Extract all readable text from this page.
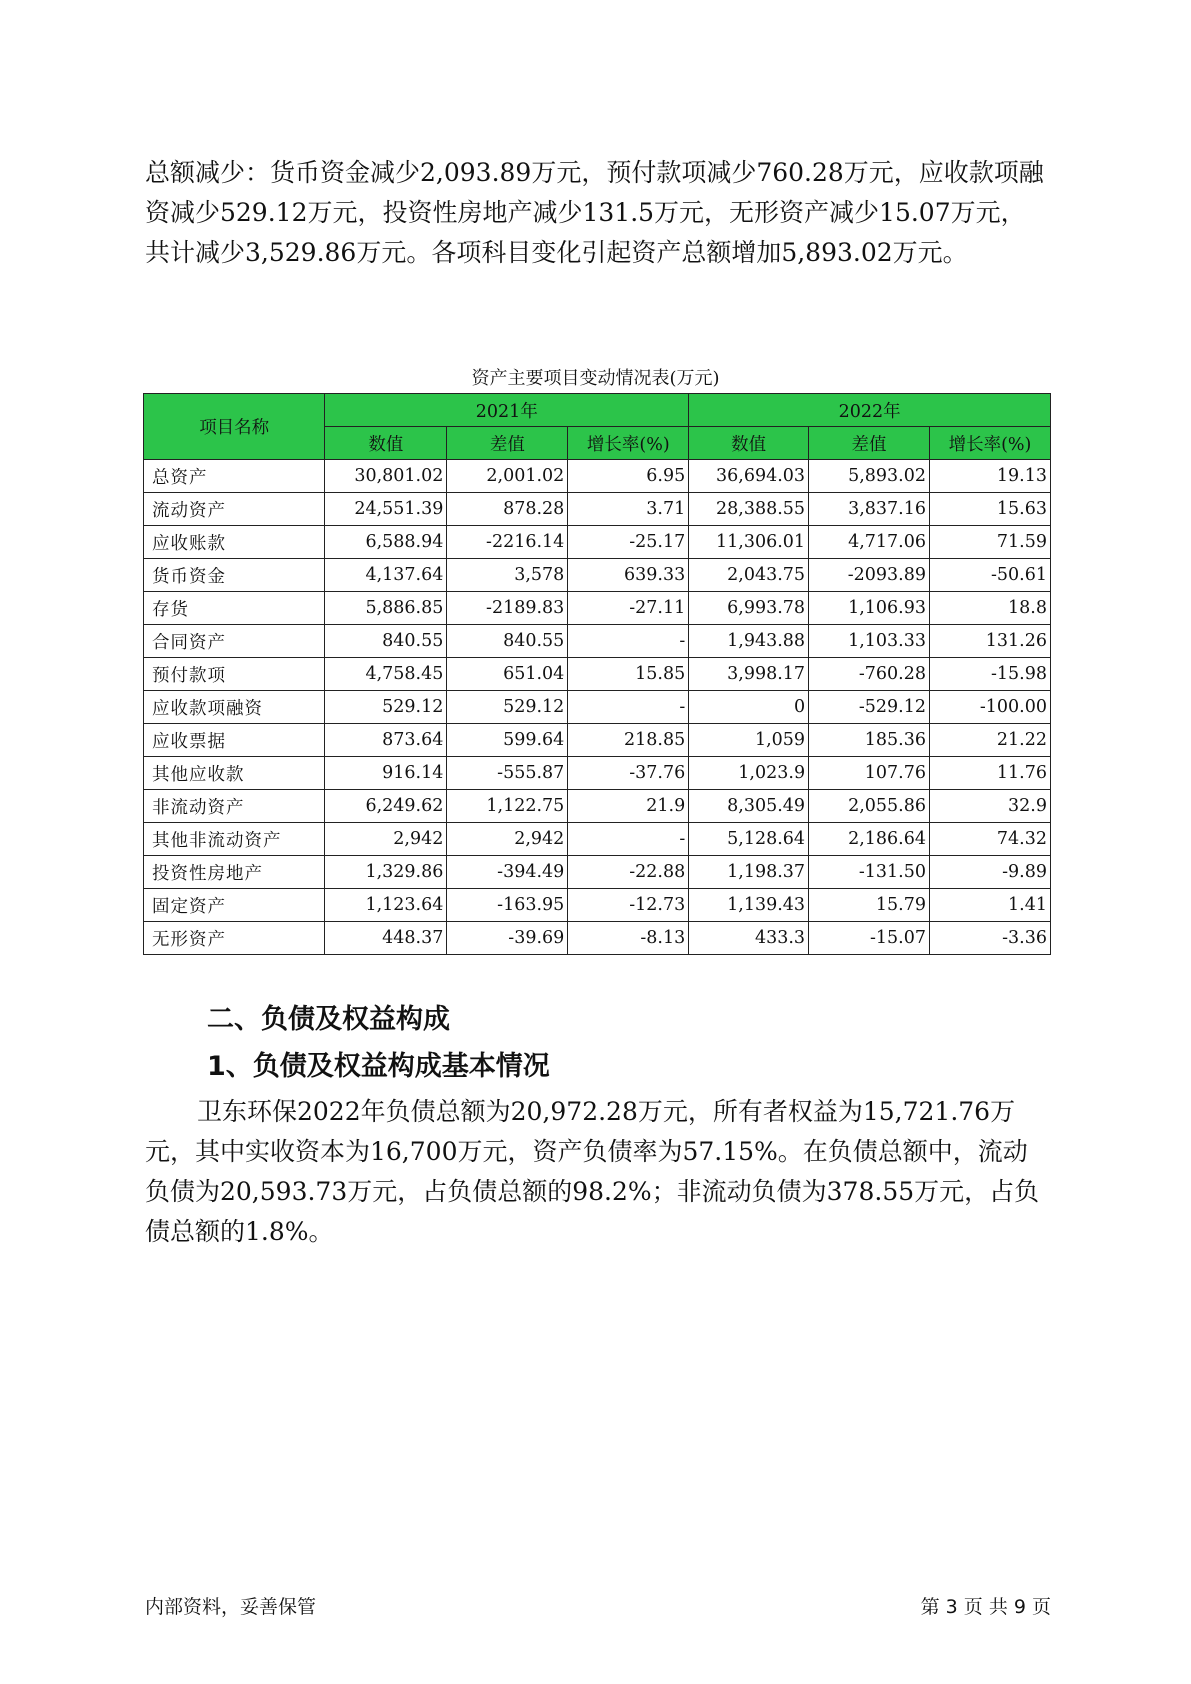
总额减少：货币资金减少2,093.89万元，预付款项减少760.28万元，应收款项融资减少529.12万元，投资性房地产减少131.5万元，无形资产减少15.07万元，共计减少3,529.86万元。各项科目变化引起资产总额增加5,893.02万元。

资产主要项目变动情况表(万元)
项目名称	2021年			2022年		
	数值	差值	增长率(%)	数值	差值	增长率(%)
总资产	30,801.02	2,001.02	6.95	36,694.03	5,893.02	19.13
流动资产	24,551.39	878.28	3.71	28,388.55	3,837.16	15.63
应收账款	6,588.94	-2216.14	-25.17	11,306.01	4,717.06	71.59
货币资金	4,137.64	3,578	639.33	2,043.75	-2093.89	-50.61
存货	5,886.85	-2189.83	-27.11	6,993.78	1,106.93	18.8
合同资产	840.55	840.55	-	1,943.88	1,103.33	131.26
预付款项	4,758.45	651.04	15.85	3,998.17	-760.28	-15.98
应收款项融资	529.12	529.12	-	0	-529.12	-100.00
应收票据	873.64	599.64	218.85	1,059	185.36	21.22
其他应收款	916.14	-555.87	-37.76	1,023.9	107.76	11.76
非流动资产	6,249.62	1,122.75	21.9	8,305.49	2,055.86	32.9
其他非流动资产	2,942	2,942	-	5,128.64	2,186.64	74.32
投资性房地产	1,329.86	-394.49	-22.88	1,198.37	-131.50	-9.89
固定资产	1,123.64	-163.95	-12.73	1,139.43	15.79	1.41
无形资产	448.37	-39.69	-8.13	433.3	-15.07	-3.36
二、负债及权益构成
1、负债及权益构成基本情况

卫东环保2022年负债总额为20,972.28万元，所有者权益为15,721.76万元，其中实收资本为16,700万元，资产负债率为57.15%。在负债总额中，流动负债为20,593.73万元，占负债总额的98.2%；非流动负债为378.55万元，占负债总额的1.8%。

内部资料，妥善保管	第 3 页 共 9 页
